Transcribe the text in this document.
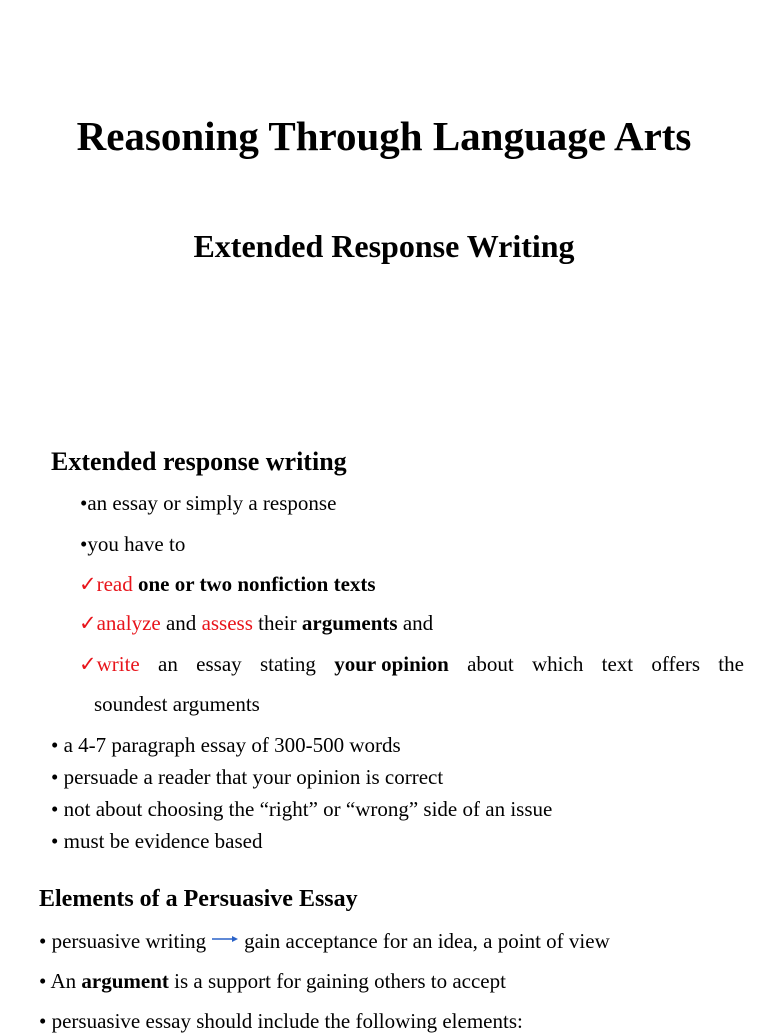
Reasoning Through Language Arts
Extended Response Writing
Extended response writing
•an essay or simply a response
•you have to
✓read one or two nonfiction texts
✓analyze and assess their arguments and
✓write an essay stating your opinion about which text offers the
soundest arguments
• a 4-7 paragraph essay of 300-500 words
• persuade a reader that your opinion is correct
• not about choosing the “right” or “wrong” side of an issue
• must be evidence based
Elements of a Persuasive Essay
• persuasive writing gain acceptance for an idea, a point of view
• An argument is a support for gaining others to accept
• persuasive essay should include the following elements:
